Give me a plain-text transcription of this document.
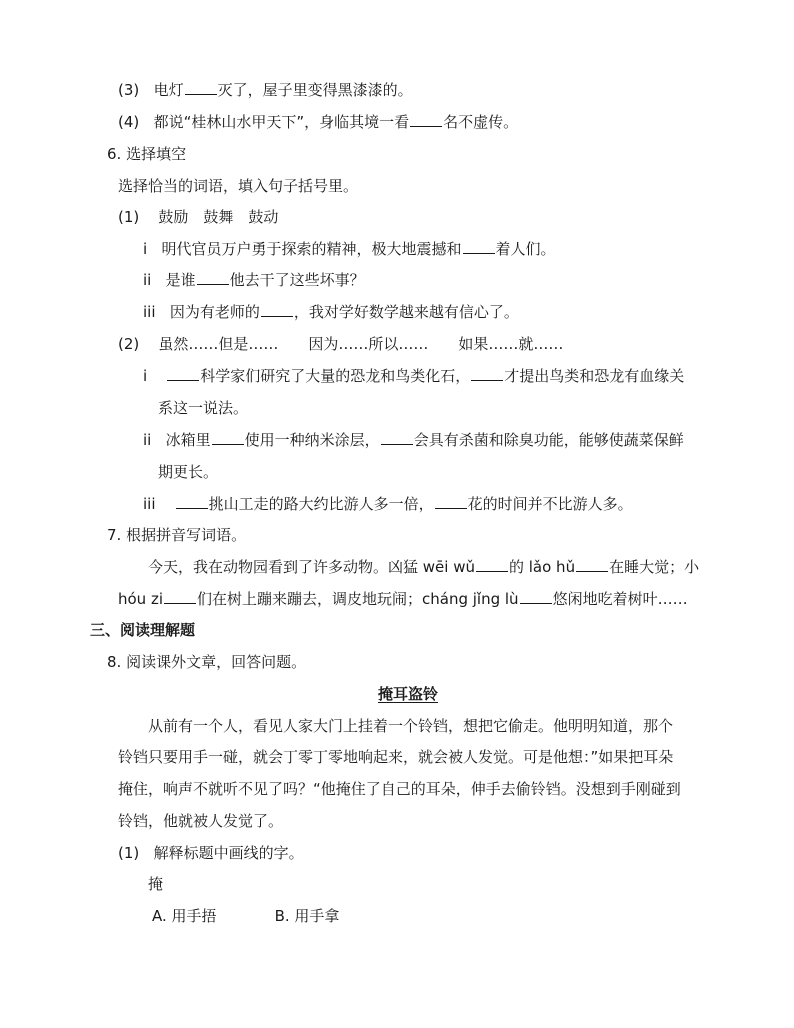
(3) 电灯 灭了，屋子里变得黑漆漆的。
(4) 都说“桂林山水甲天下”，身临其境一看 名不虚传。
6. 选择填空
选择恰当的词语，填入句子括号里。
(1) 鼓励　鼓舞　鼓动
i 明代官员万户勇于探索的精神，极大地震撼和 着人们。
ii 是谁 他去干了这些坏事？
iii 因为有老师的 ，我对学好数学越来越有信心了。
(2) 虽然……但是…… 因为……所以…… 如果……就……
i	科学家们研究了大量的恐龙和鸟类化石， 才提出鸟类和恐龙有血缘关
系这一说法。
ii 冰箱里 使用一种纳米涂层， 会具有杀菌和除臭功能，能够使蔬菜保鲜
期更长。
iii	挑山工走的路大约比游人多一倍， 花的时间并不比游人多。
7. 根据拼音写词语。
今天，我在动物园看到了许多动物。凶猛 wēi wǔ 的 lǎo hǔ 在睡大觉；小
hóu zi 们在树上蹦来蹦去，调皮地玩闹；cháng jǐng lù 悠闲地吃着树叶……
三、阅读理解题
8. 阅读课外文章，回答问题。
掩耳盗铃
从前有一个人，看见人家大门上挂着一个铃铛，想把它偷走。他明明知道，那个
铃铛只要用手一碰，就会丁零丁零地响起来，就会被人发觉。可是他想：”如果把耳朵
掩住，响声不就听不见了吗？“他掩住了自己的耳朵，伸手去偷铃铛。没想到手刚碰到
铃铛，他就被人发觉了。
(1) 解释标题中画线的字。
掩
A. 用手捂	B. 用手拿
